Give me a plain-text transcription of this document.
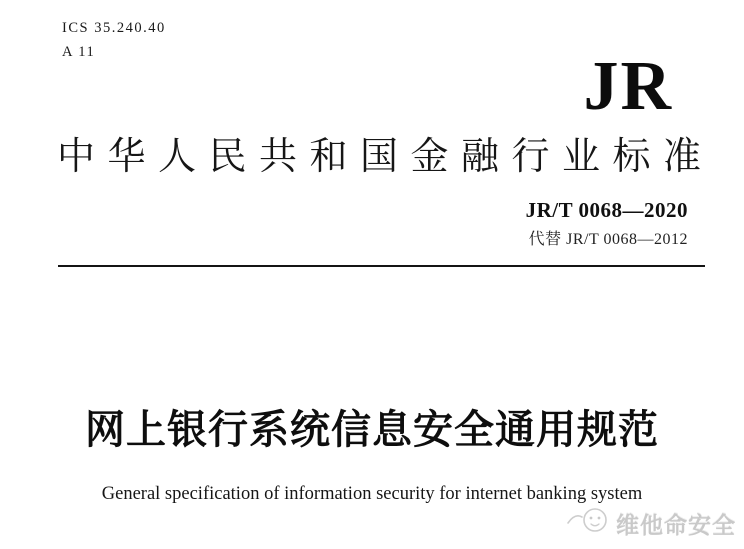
ICS 35.240.40
A 11	JR
中华人民共和国金融行业标准
JR/T 0068—2020
代替 JR/T 0068—2012
网上银行系统信息安全通用规范
General specification of information security for internet banking system
维他命安全
